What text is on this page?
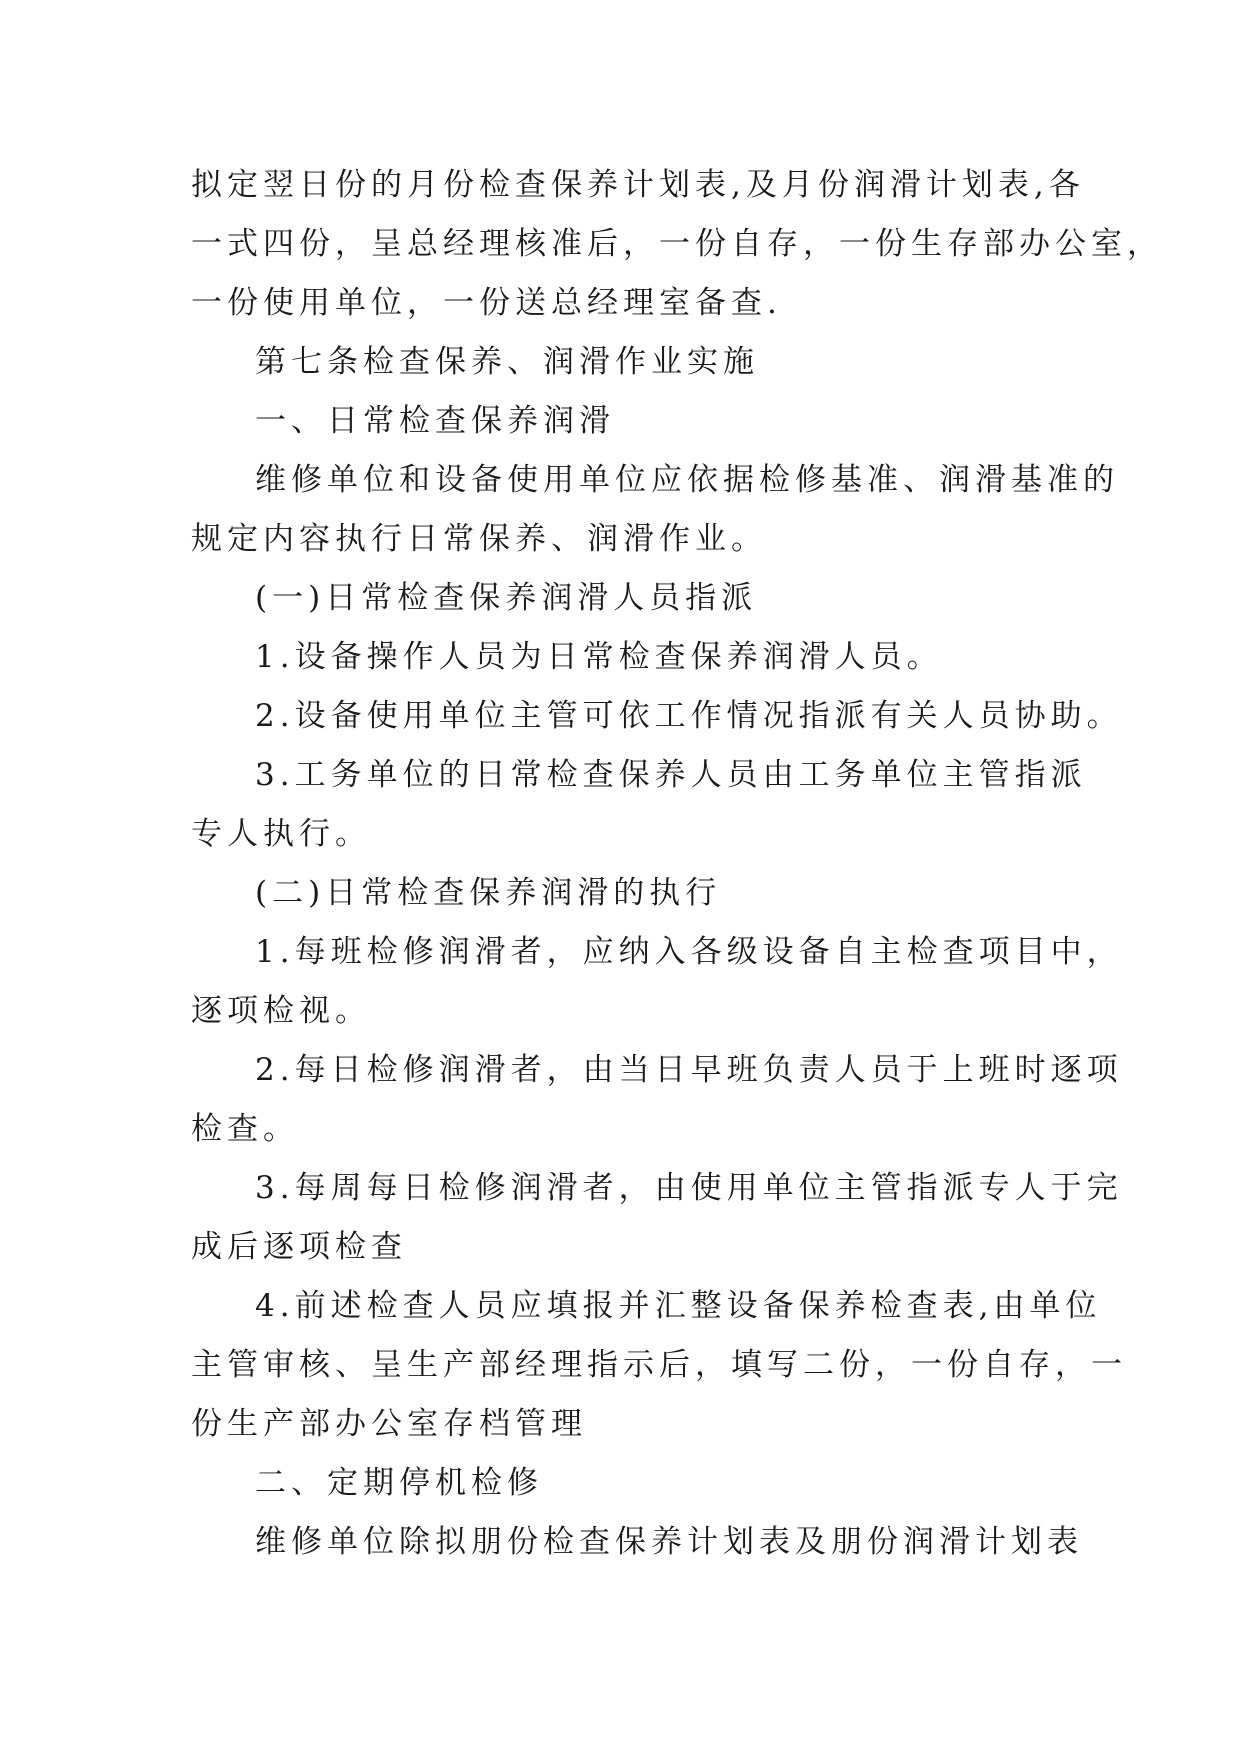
拟定翌日份的月份检查保养计划表,及月份润滑计划表,各
一式四份，呈总经理核准后，一份自存，一份生存部办公室，
一份使用单位，一份送总经理室备查.
第七条检查保养、润滑作业实施
一、日常检查保养润滑
维修单位和设备使用单位应依据检修基准、润滑基准的
规定内容执行日常保养、润滑作业。
(一)日常检查保养润滑人员指派
1.设备操作人员为日常检查保养润滑人员。
2.设备使用单位主管可依工作情况指派有关人员协助。
3.工务单位的日常检查保养人员由工务单位主管指派
专人执行。
(二)日常检查保养润滑的执行
1.每班检修润滑者，应纳入各级设备自主检查项目中，
逐项检视。
2.每日检修润滑者，由当日早班负责人员于上班时逐项
检查。
3.每周每日检修润滑者，由使用单位主管指派专人于完
成后逐项检查
4.前述检查人员应填报并汇整设备保养检查表,由单位
主管审核、呈生产部经理指示后，填写二份，一份自存，一
份生产部办公室存档管理
二、定期停机检修
维修单位除拟朋份检查保养计划表及朋份润滑计划表
